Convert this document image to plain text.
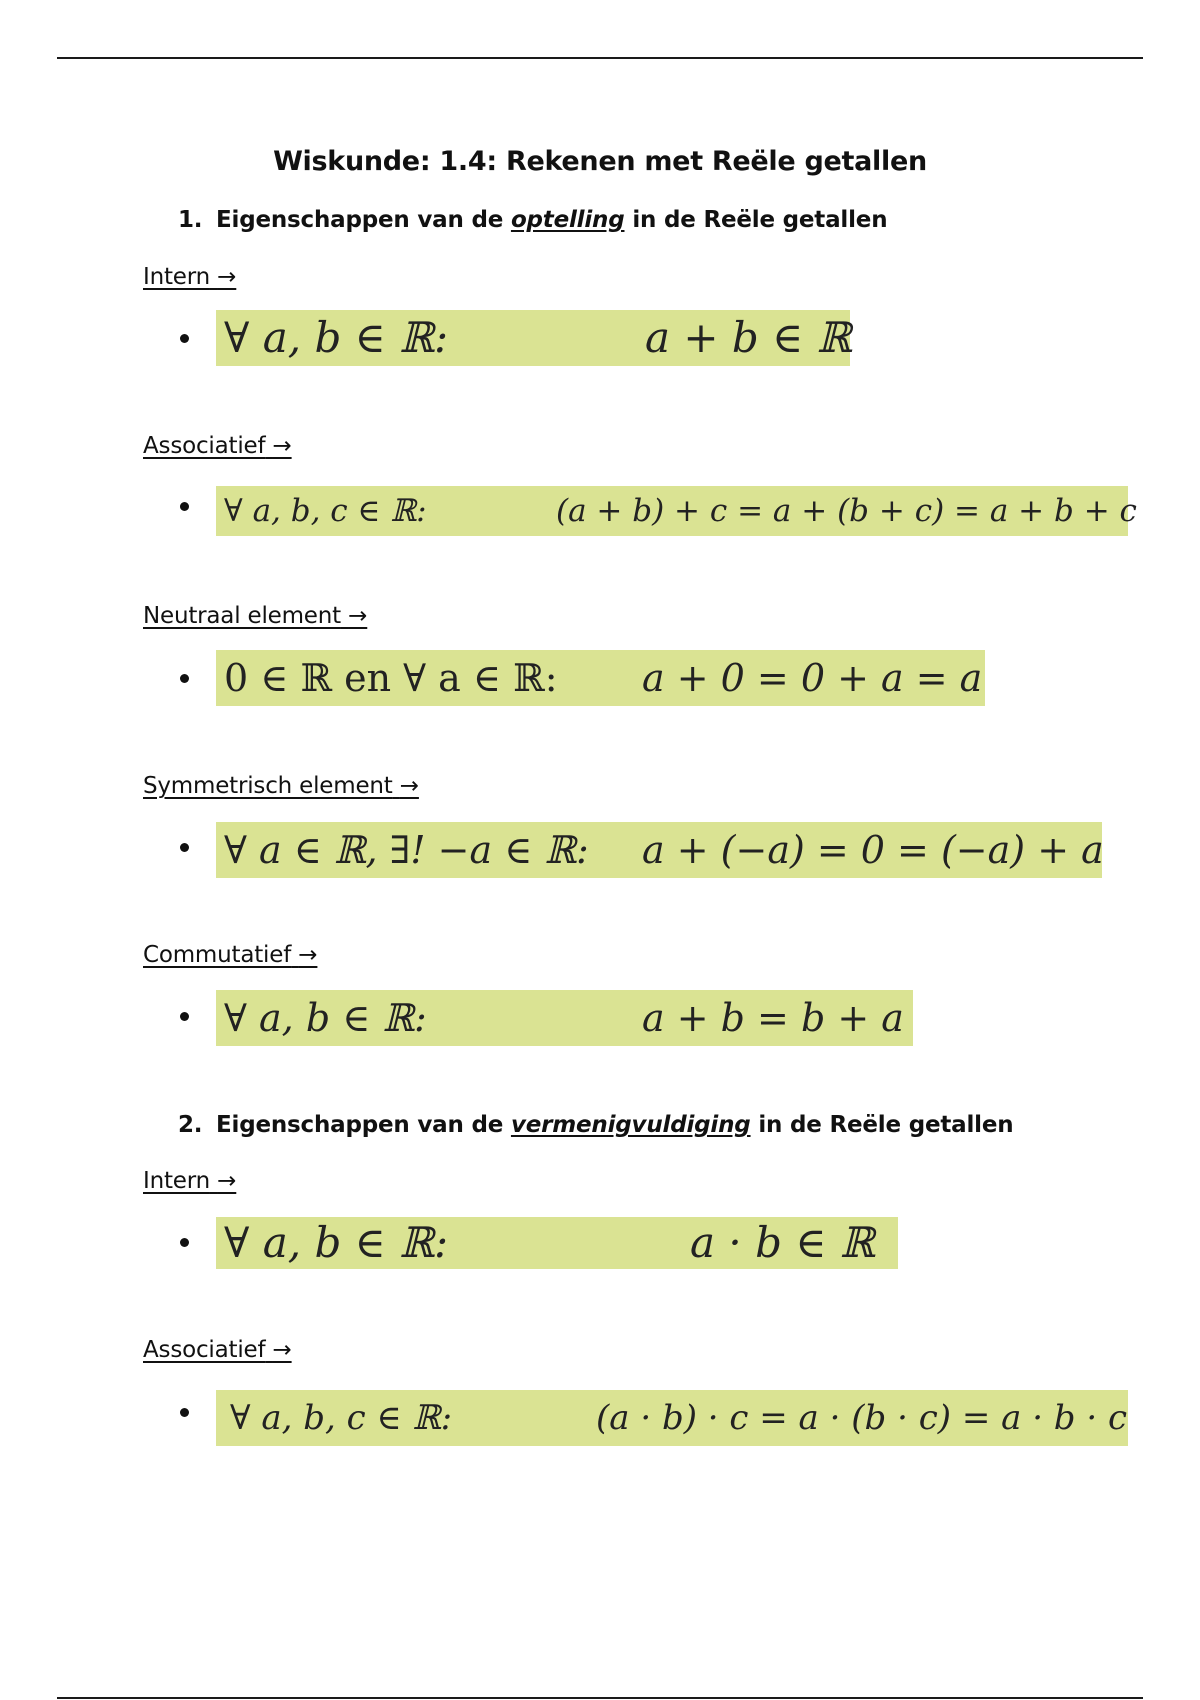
Wiskunde: 1.4: Rekenen met Reële getallen
1. Eigenschappen van de optelling in de Reële getallen
Intern →
∀ a, b ∈ ℝ:	a + b ∈ ℝ
Associatief →
∀ a, b, c ∈ ℝ:	(a + b) + c = a + (b + c) = a + b + c
Neutraal element →
0 ∈ ℝ en ∀ a ∈ ℝ: a + 0 = 0 + a = a
Symmetrisch element →
∀ a ∈ ℝ, ∃! −a ∈ ℝ: a + (−a) = 0 = (−a) + a
Commutatief →
∀ a, b ∈ ℝ:	a + b = b + a
2. Eigenschappen van de vermenigvuldiging in de Reële getallen
Intern →
∀ a, b ∈ ℝ:	a · b ∈ ℝ
Associatief →
∀ a, b, c ∈ ℝ:	(a · b) · c = a · (b · c) = a · b · c
